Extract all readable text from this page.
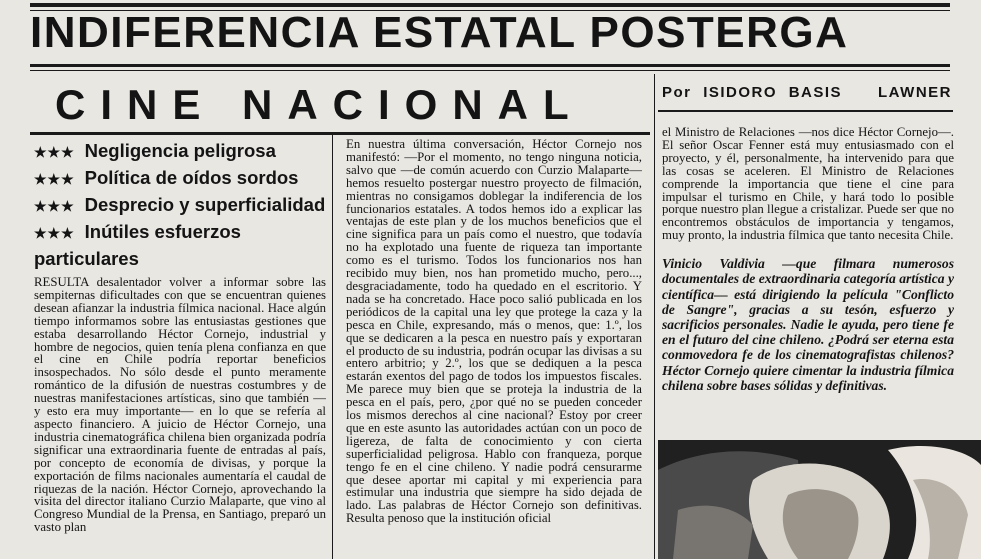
INDIFERENCIA ESTATAL POSTERGA
CINE NACIONAL	Por ISIDORO BASIS LAWNER
★★★ Negligencia peligrosa
★★★ Política de oídos sordos
★★★ Desprecio y superficialidad
★★★ Inútiles esfuerzos particulares

RESULTA desalentador volver a informar sobre las sempiternas dificultades con que se encuentran quienes desean afianzar la industria fílmica nacional. Hace algún tiempo informamos sobre las entusiastas gestiones que estaba desarrollando Héctor Cornejo, industrial y hombre de negocios, quien tenía plena confianza en que el cine en Chile podría reportar beneficios insospechados. No sólo desde el punto meramente romántico de la difusión de nuestras costumbres y de nuestras manifestaciones artísticas, sino que también —y esto era muy importante— en lo que se refería al aspecto financiero. A juicio de Héctor Cornejo, una industria cinematográfica chilena bien organizada podría significar una extraordinaria fuente de entradas al país, por concepto de economía de divisas, y porque la exportación de films nacionales aumentaría el caudal de riquezas de la nación. Héctor Cornejo, aprovechando la visita del director italiano Curzio Malaparte, que vino al Congreso Mundial de la Prensa, en Santiago, preparó un vasto plan

En nuestra última conversación, Héctor Cornejo nos manifestó: —Por el momento, no tengo ninguna noticia, salvo que —de común acuerdo con Curzio Malaparte— hemos resuelto postergar nuestro proyecto de filmación, mientras no consigamos doblegar la indiferencia de los funcionarios estatales. A todos hemos ido a explicar las ventajas de este plan y de los muchos beneficios que el cine significa para un país como el nuestro, que todavía no ha explotado una fuente de riqueza tan importante como es el turismo. Todos los funcionarios nos han recibido muy bien, nos han prometido mucho, pero..., desgraciadamente, todo ha quedado en el escritorio. Y nada se ha concretado. Hace poco salió publicada en los periódicos de la capital una ley que protege la caza y la pesca en Chile, expresando, más o menos, que: 1.º, los que se dedicaren a la pesca en nuestro país y exportaran el producto de su industria, podrán ocupar las divisas a su entero arbitrio; y 2.º, los que se dediquen a la pesca estarán exentos del pago de todos los impuestos fiscales. Me parece muy bien que se proteja la industria de la pesca en el país, pero, ¿por qué no se pueden conceder los mismos derechos al cine nacional? Estoy por creer que en este asunto las autoridades actúan con un poco de ligereza, de falta de conocimiento y con cierta superficialidad peligrosa. Hablo con franqueza, porque tengo fe en el cine chileno. Y nadie podrá censurarme que desee aportar mi capital y mi experiencia para estimular una industria que siempre ha sido dejada de lado. Las palabras de Héctor Cornejo son definitivas. Resulta penoso que la institución oficial

el Ministro de Relaciones —nos dice Héctor Cornejo—. El señor Oscar Fenner está muy entusiasmado con el proyecto, y él, personalmente, ha intervenido para que las cosas se aceleren. El Ministro de Relaciones comprende la importancia que tiene el cine para impulsar el turismo en Chile, y hará todo lo posible porque nuestro plan llegue a cristalizar. Puede ser que no encontremos obstáculos de importancia y tengamos, muy pronto, la industria fílmica que tanto necesita Chile.

Vinicio Valdivia —que filmara numerosos documentales de extraordinaria categoría artística y científica— está dirigiendo la película "Conflicto de Sangre", gracias a su tesón, esfuerzo y sacrificios personales. Nadie le ayuda, pero tiene fe en el futuro del cine chileno. ¿Podrá ser eterna esta conmovedora fe de los cinematografistas chilenos? Héctor Cornejo quiere cimentar la industria fílmica chilena sobre bases sólidas y definitivas.
